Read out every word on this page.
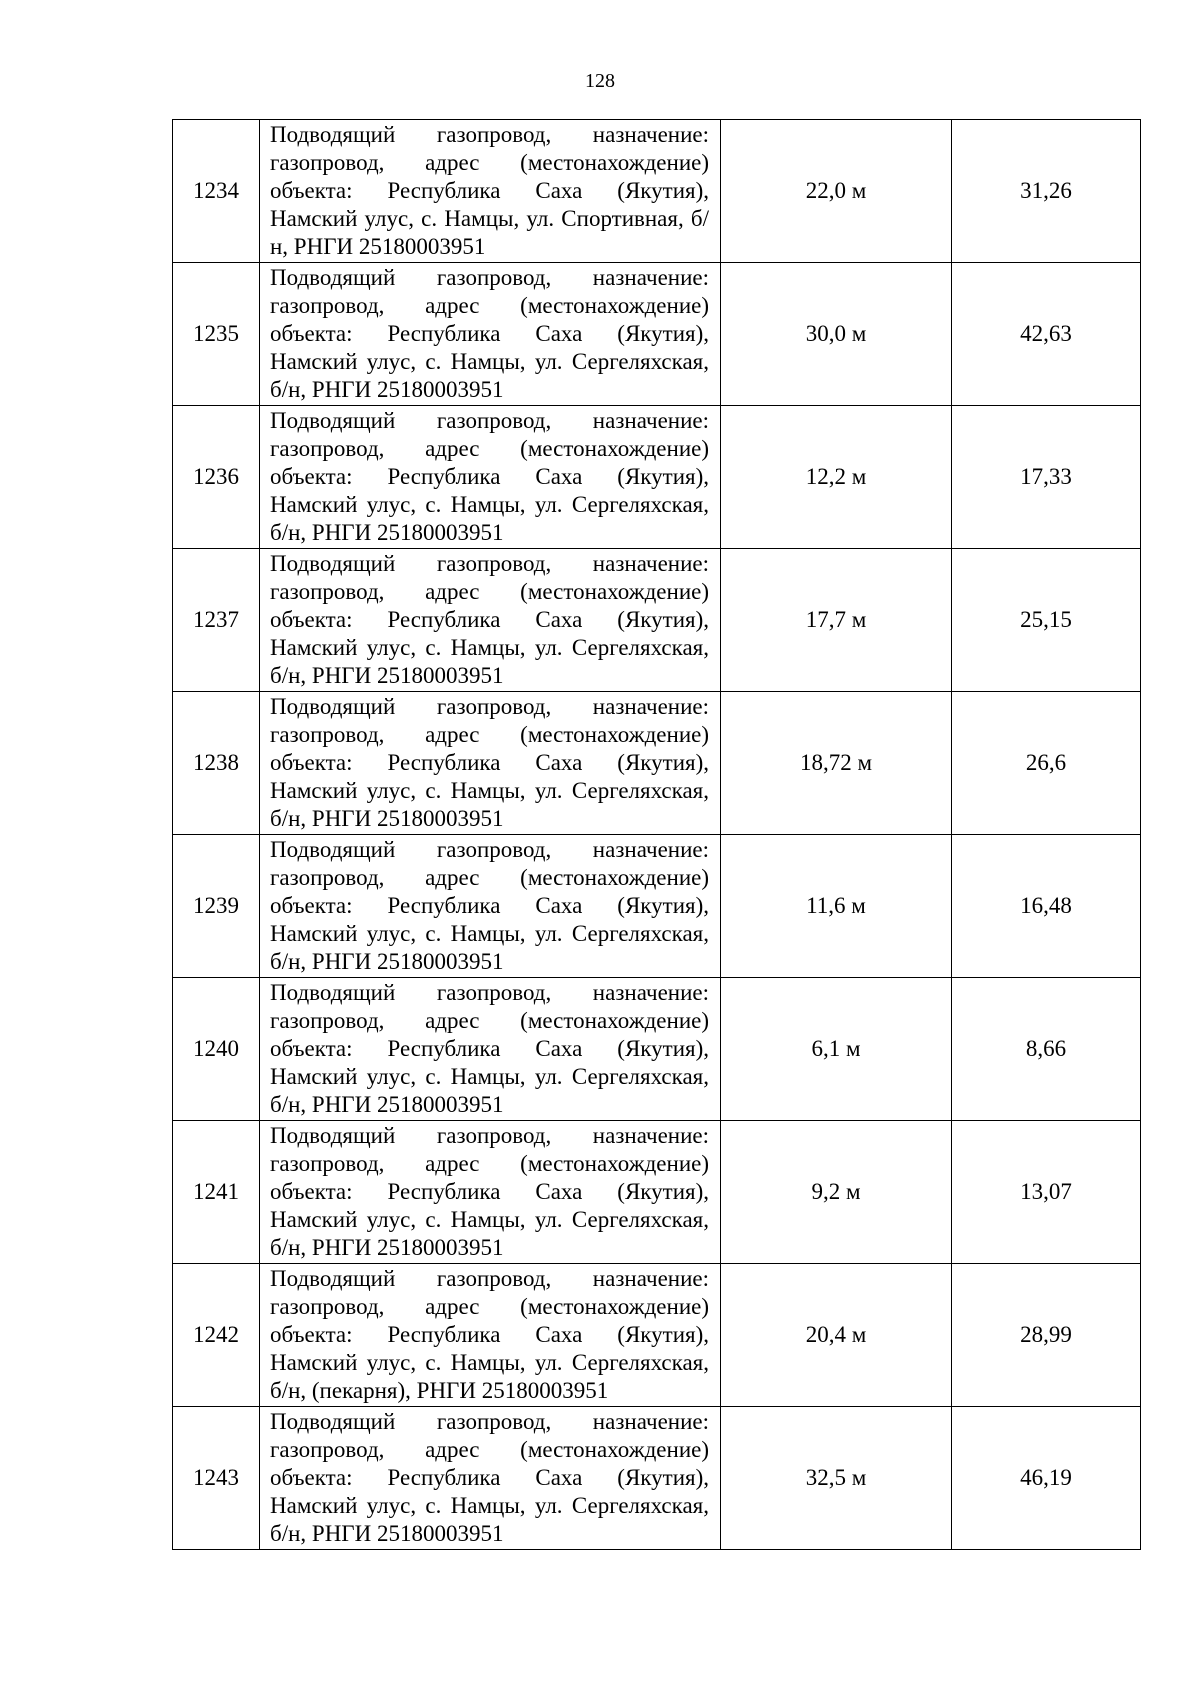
128
1234	Подводящий газопровод, назначение: газопровод, адрес (местонахождение) объекта: Республика Саха (Якутия), Намский улус, с. Намцы, ул. Спортивная, б/н, РНГИ 25180003951	22,0 м	31,26
1235	Подводящий газопровод, назначение: газопровод, адрес (местонахождение) объекта: Республика Саха (Якутия), Намский улус, с. Намцы, ул. Сергеляхская, б/н, РНГИ 25180003951	30,0 м	42,63
1236	Подводящий газопровод, назначение: газопровод, адрес (местонахождение) объекта: Республика Саха (Якутия), Намский улус, с. Намцы, ул. Сергеляхская, б/н, РНГИ 25180003951	12,2 м	17,33
1237	Подводящий газопровод, назначение: газопровод, адрес (местонахождение) объекта: Республика Саха (Якутия), Намский улус, с. Намцы, ул. Сергеляхская, б/н, РНГИ 25180003951	17,7 м	25,15
1238	Подводящий газопровод, назначение: газопровод, адрес (местонахождение) объекта: Республика Саха (Якутия), Намский улус, с. Намцы, ул. Сергеляхская, б/н, РНГИ 25180003951	18,72 м	26,6
1239	Подводящий газопровод, назначение: газопровод, адрес (местонахождение) объекта: Республика Саха (Якутия), Намский улус, с. Намцы, ул. Сергеляхская, б/н, РНГИ 25180003951	11,6 м	16,48
1240	Подводящий газопровод, назначение: газопровод, адрес (местонахождение) объекта: Республика Саха (Якутия), Намский улус, с. Намцы, ул. Сергеляхская, б/н, РНГИ 25180003951	6,1 м	8,66
1241	Подводящий газопровод, назначение: газопровод, адрес (местонахождение) объекта: Республика Саха (Якутия), Намский улус, с. Намцы, ул. Сергеляхская, б/н, РНГИ 25180003951	9,2 м	13,07
1242	Подводящий газопровод, назначение: газопровод, адрес (местонахождение) объекта: Республика Саха (Якутия), Намский улус, с. Намцы, ул. Сергеляхская, б/н, (пекарня), РНГИ 25180003951	20,4 м	28,99
1243	Подводящий газопровод, назначение: газопровод, адрес (местонахождение) объекта: Республика Саха (Якутия), Намский улус, с. Намцы, ул. Сергеляхская, б/н, РНГИ 25180003951	32,5 м	46,19
